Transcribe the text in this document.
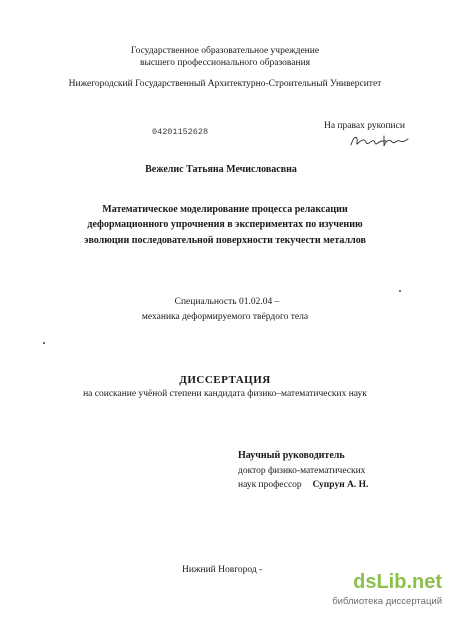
Государственное образовательное учреждение
высшего профессионального образования
Нижегородский Государственный Архитектурно-Строительный Университет
04201152628
На правах рукописи
Вежелис Татьяна Мечисловасвна
Математическое моделирование процесса релаксации
деформационного упрочнения в экспериментах по изучению
эволюции последовательной поверхности текучести металлов
Специальность 01.02.04 –
механика деформируемого твёрдого тела
ДИССЕРТАЦИЯ
на соискание учёной степени кандидата физико–математических наук
Научный руководитель
доктор физико-математических
наук профессор Супрун А. Н.
Нижний Новгород -
dsLib.net
библиотека диссертаций
